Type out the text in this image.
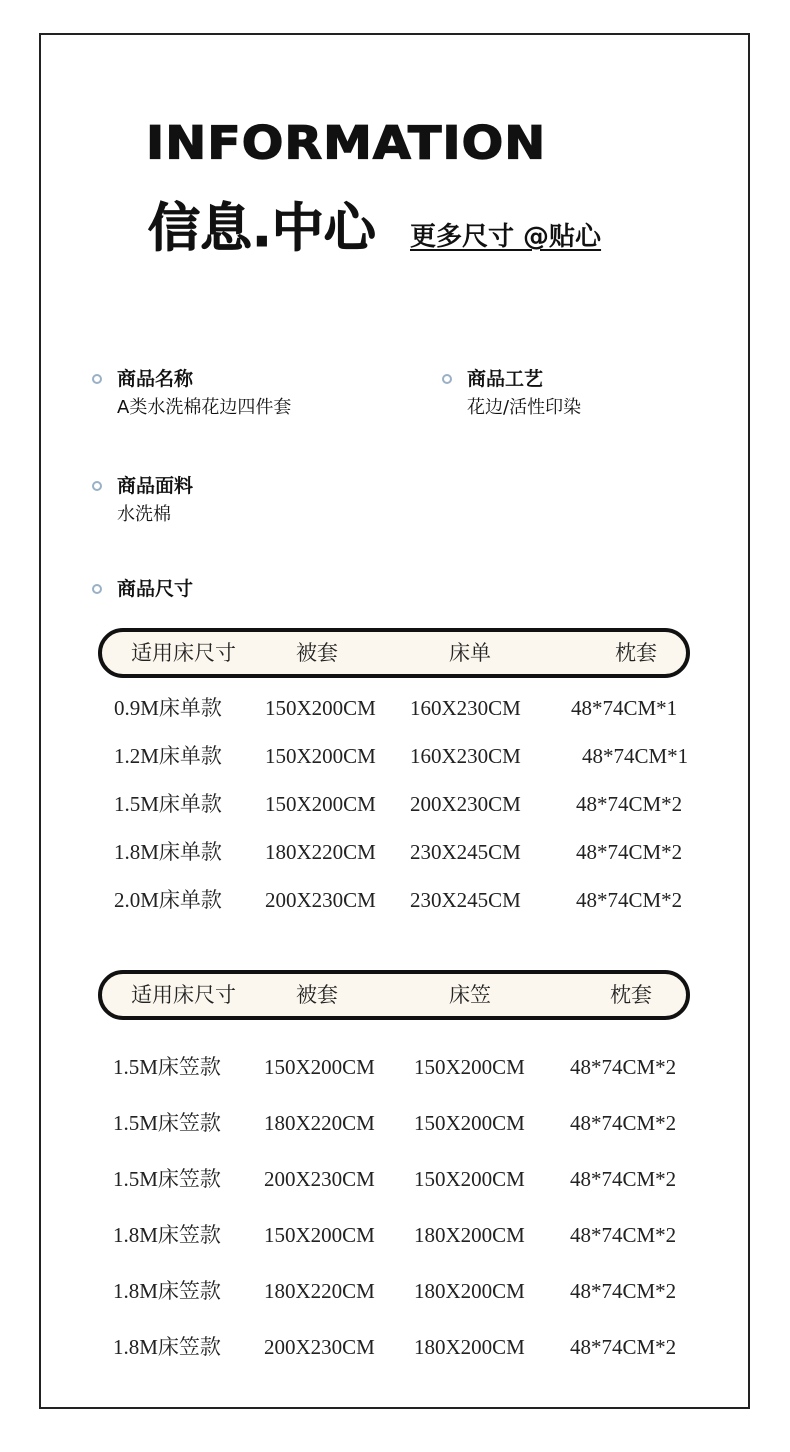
INFORMATION
信息.中心 更多尺寸 @贴心
商品名称
A类水洗棉花边四件套
商品工艺
花边/活性印染
商品面料
水洗棉
商品尺寸
适用床尺寸	被套	床单	枕套
0.9M床单款 150X200CM 160X230CM 48*74CM*1
1.2M床单款 150X200CM 160X230CM	48*74CM*1
1.5M床单款 150X200CM 200X230CM	48*74CM*2
1.8M床单款 180X220CM 230X245CM	48*74CM*2
2.0M床单款 200X230CM 230X245CM	48*74CM*2
适用床尺寸	被套	床笠	枕套
1.5M床笠款 150X200CM 150X200CM 48*74CM*2
1.5M床笠款 180X220CM 150X200CM 48*74CM*2
1.5M床笠款 200X230CM 150X200CM 48*74CM*2
1.8M床笠款 150X200CM 180X200CM 48*74CM*2
1.8M床笠款 180X220CM 180X200CM 48*74CM*2
1.8M床笠款 200X230CM 180X200CM 48*74CM*2
